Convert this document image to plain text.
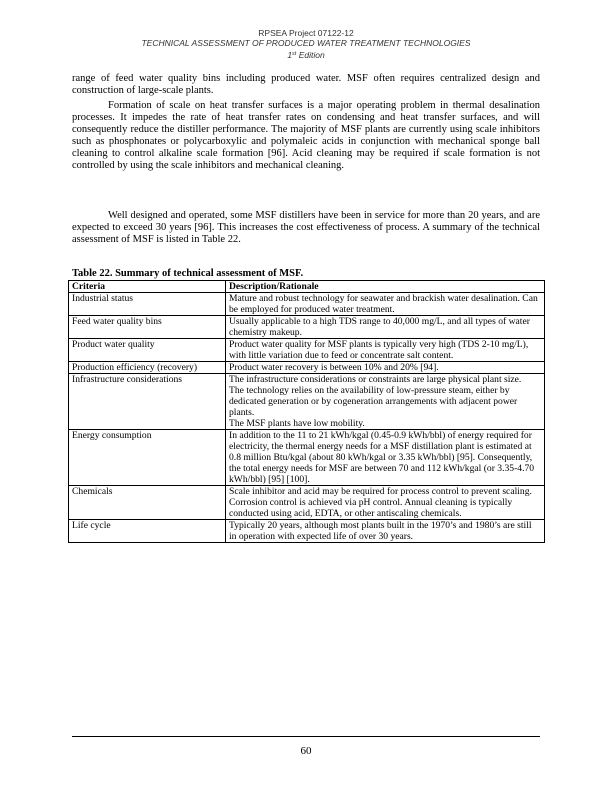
RPSEA Project 07122-12
TECHNICAL ASSESSMENT OF PRODUCED WATER TREATMENT TECHNOLOGIES
1st Edition

range of feed water quality bins including produced water. MSF often requires centralized design and construction of large-scale plants.

Formation of scale on heat transfer surfaces is a major operating problem in thermal desalination processes. It impedes the rate of heat transfer rates on condensing and heat transfer surfaces, and will consequently reduce the distiller performance. The majority of MSF plants are currently using scale inhibitors such as phosphonates or polycarboxylic and polymaleic acids in conjunction with mechanical sponge ball cleaning to control alkaline scale formation [96]. Acid cleaning may be required if scale formation is not controlled by using the scale inhibitors and mechanical cleaning.

Well designed and operated, some MSF distillers have been in service for more than 20 years, and are expected to exceed 30 years [96]. This increases the cost effectiveness of process. A summary of the technical assessment of MSF is listed in Table 22.

Table 22. Summary of technical assessment of MSF.
Criteria	Description/Rationale
Industrial status	Mature and robust technology for seawater and brackish water desalination. Can be employed for produced water treatment.

Feed water quality bins	Usually applicable to a high TDS range to 40,000 mg/L, and all types of water chemistry makeup.

Product water quality	Product water quality for MSF plants is typically very high (TDS 2-10 mg/L), with little variation due to feed or concentrate salt content.

Production efficiency (recovery)	Product water recovery is between 10% and 20% [94].

Infrastructure considerations	The infrastructure considerations or constraints are large physical plant size.
The technology relies on the availability of low-pressure steam, either by dedicated generation or by cogeneration arrangements with adjacent power plants.
The MSF plants have low mobility.

Energy consumption	In addition to the 11 to 21 kWh/kgal (0.45-0.9 kWh/bbl) of energy required for electricity, the thermal energy needs for a MSF distillation plant is estimated at 0.8 million Btu/kgal (about 80 kWh/kgal or 3.35 kWh/bbl) [95]. Consequently, the total energy needs for MSF are between 70 and 112 kWh/kgal (or 3.35-4.70 kWh/bbl) [95] [100].

Chemicals	Scale inhibitor and acid may be required for process control to prevent scaling. Corrosion control is achieved via pH control. Annual cleaning is typically conducted using acid, EDTA, or other antiscaling chemicals.

Life cycle	Typically 20 years, although most plants built in the 1970’s and 1980’s are still in operation with expected life of over 30 years.
60
